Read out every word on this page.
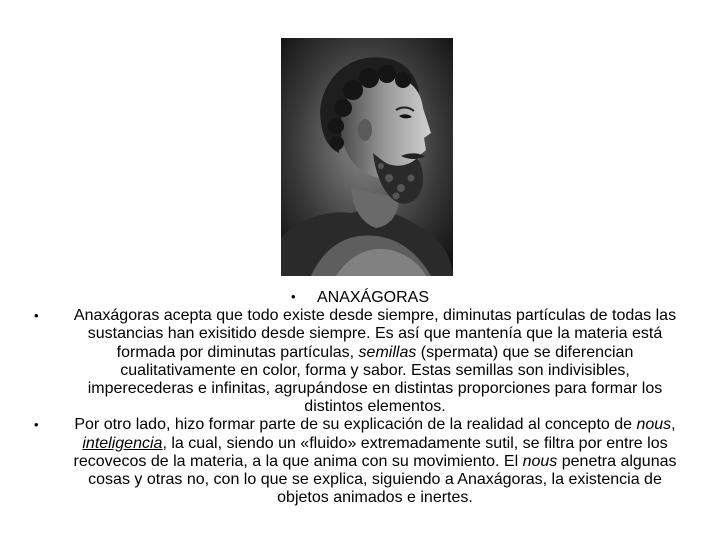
• ANAXÁGORAS

• Anaxágoras acepta que todo existe desde siempre, diminutas partículas de todas las sustancias han exisitido desde siempre. Es así que mantenía que la materia está formada por diminutas partículas, semillas (spermata) que se diferencian cualitativamente en color, forma y sabor. Estas semillas son indivisibles, imperecederas e infinitas, agrupándose en distintas proporciones para formar los distintos elementos.
• Por otro lado, hizo formar parte de su explicación de la realidad al concepto de nous, inteligencia, la cual, siendo un «fluido» extremadamente sutil, se filtra por entre los recovecos de la materia, a la que anima con su movimiento. El nous penetra algunas cosas y otras no, con lo que se explica, siguiendo a Anaxágoras, la existencia de objetos animados e inertes.
